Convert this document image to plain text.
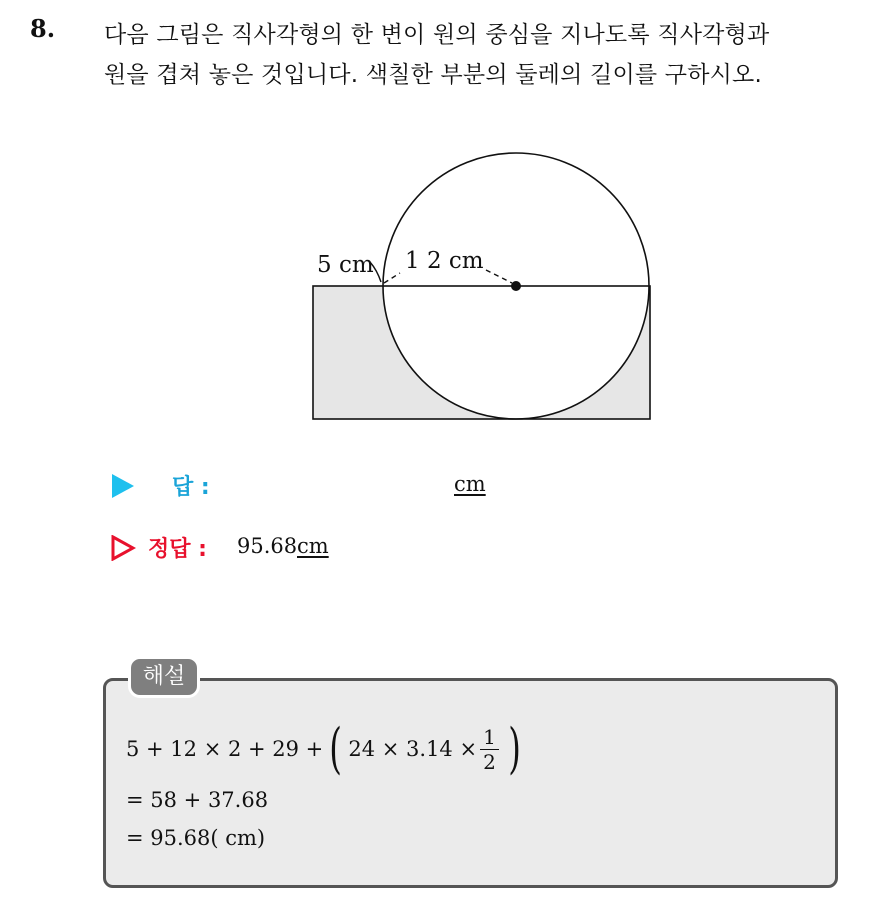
8. 다음 그림은 직사각형의 한 변이 원의 중심을 지나도록 직사각형과
원을 겹쳐 놓은 것입니다. 색칠한 부분의 둘레의 길이를 구하시오.
5 cm 1 2 cm
답 :	cm
정답 : 95.68 cm
해설
5 + 12 × 2 + 29 + ( $24 \times 3.14 \times \frac{1}{2}$ )
= 58 + 37.68
= 95.68( cm)
